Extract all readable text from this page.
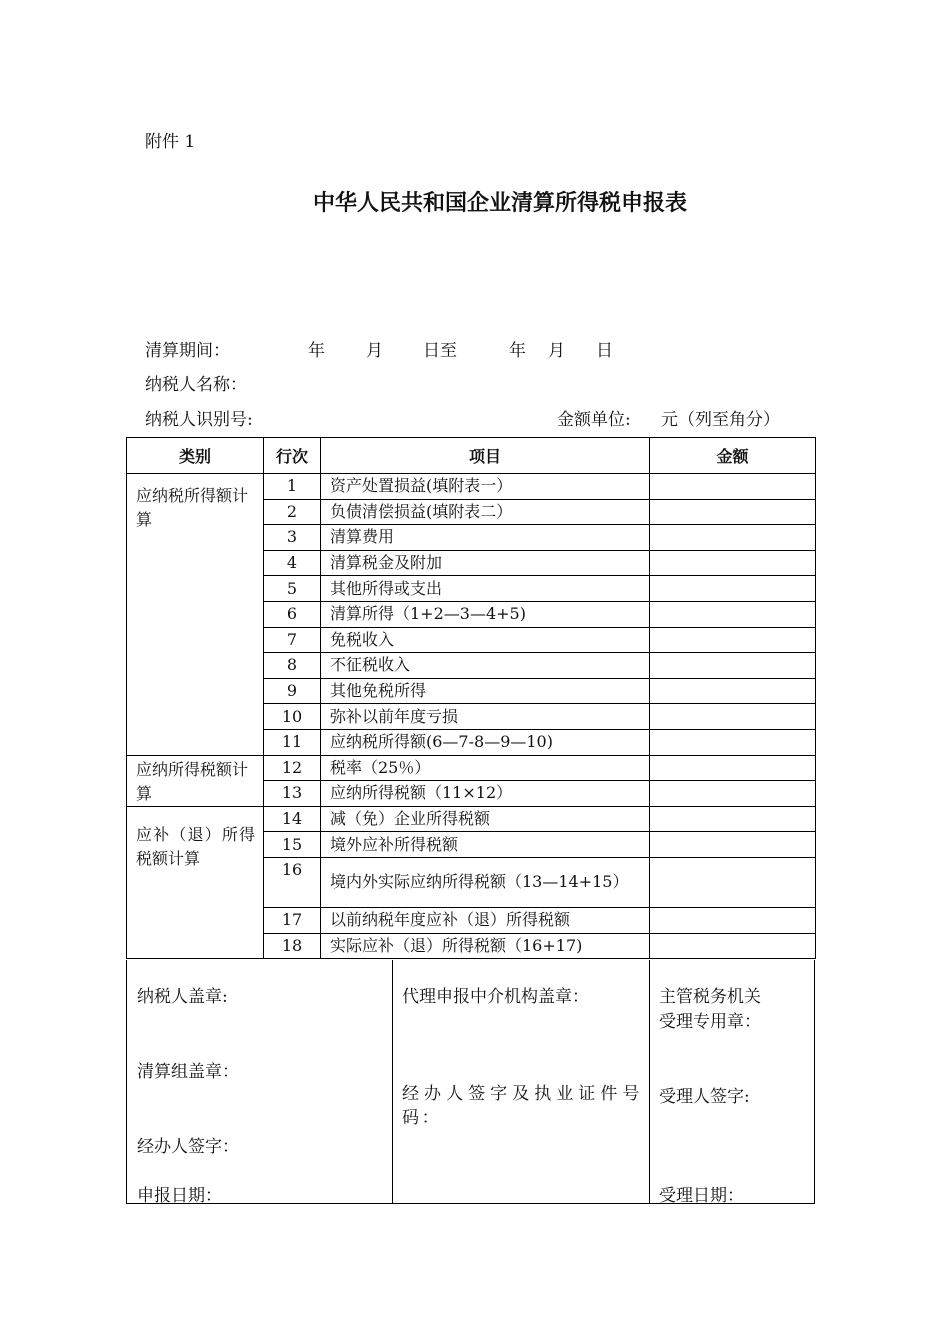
附件 1
中华人民共和国企业清算所得税申报表
清算期间：	年 月 日至	年 月 日
纳税人名称：
纳税人识别号:	金额单位: 元（列至角分）
类别	行次	项目	金额
应纳税所得额计算	1	资产处置损益(填附表一）	
	2	负债清偿损益(填附表二）	
	3	清算费用	
	4	清算税金及附加	
	5	其他所得或支出	
	6	清算所得（1+2—3—4+5)	
	7	免税收入	
	8	不征税收入	
	9	其他免税所得	
	10	弥补以前年度亏损	
	11	应纳税所得额(6—7-8—9—10)	
应纳所得税额计算	12	税率（25％）	
	13	应纳所得税额（11×12）	
应补（退）所得税额计算	14	减（免）企业所得税额	
	15	境外应补所得税额	
	16	境内外实际应纳所得税额（13—14+15）	
	17	以前纳税年度应补（退）所得税额	
	18	实际应补（退）所得税额（16+17)	
纳税人盖章:
清算组盖章：
经办人签字：
申报日期：
代理申报中介机构盖章：
经办人签字及执业证件号码：
主管税务机关
受理专用章：
受理人签字:
受理日期：
